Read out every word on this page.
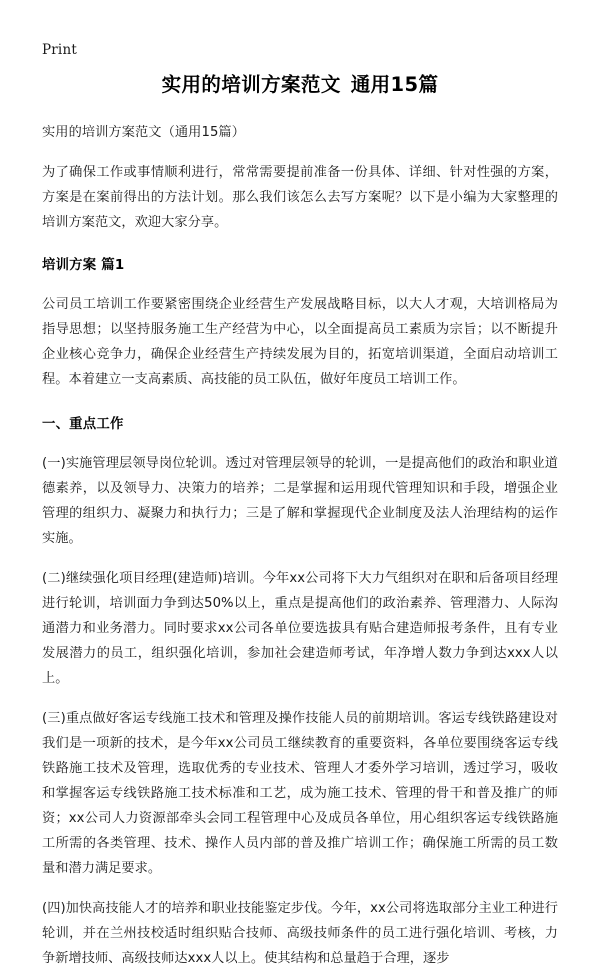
Print
实用的培训方案范文 通用15篇
实用的培训方案范文（通用15篇）
为了确保工作或事情顺利进行，常常需要提前准备一份具体、详细、针对性强的方案，方案是在案前得出的方法计划。那么我们该怎么去写方案呢？以下是小编为大家整理的培训方案范文，欢迎大家分享。
培训方案 篇1
公司员工培训工作要紧密围绕企业经营生产发展战略目标，以大人才观，大培训格局为指导思想；以坚持服务施工生产经营为中心，以全面提高员工素质为宗旨；以不断提升企业核心竞争力，确保企业经营生产持续发展为目的，拓宽培训渠道，全面启动培训工程。本着建立一支高素质、高技能的员工队伍，做好年度员工培训工作。
一、重点工作
(一)实施管理层领导岗位轮训。透过对管理层领导的轮训，一是提高他们的政治和职业道德素养，以及领导力、决策力的培养；二是掌握和运用现代管理知识和手段，增强企业管理的组织力、凝聚力和执行力；三是了解和掌握现代企业制度及法人治理结构的运作实施。
(二)继续强化项目经理(建造师)培训。今年xx公司将下大力气组织对在职和后备项目经理进行轮训，培训面力争到达50%以上，重点是提高他们的政治素养、管理潜力、人际沟通潜力和业务潜力。同时要求xx公司各单位要选拔具有贴合建造师报考条件，且有专业发展潜力的员工，组织强化培训，参加社会建造师考试，年净增人数力争到达xxx人以上。
(三)重点做好客运专线施工技术和管理及操作技能人员的前期培训。客运专线铁路建设对我们是一项新的技术，是今年xx公司员工继续教育的重要资料，各单位要围绕客运专线铁路施工技术及管理，选取优秀的专业技术、管理人才委外学习培训，透过学习，吸收和掌握客运专线铁路施工技术标准和工艺，成为施工技术、管理的骨干和普及推广的师资；xx公司人力资源部牵头会同工程管理中心及成员各单位，用心组织客运专线铁路施工所需的各类管理、技术、操作人员内部的普及推广培训工作；确保施工所需的员工数量和潜力满足要求。
(四)加快高技能人才的培养和职业技能鉴定步伐。今年，xx公司将选取部分主业工种进行轮训，并在兰州技校适时组织贴合技师、高级技师条件的员工进行强化培训、考核，力争新增技师、高级技师达xxx人以上。使其结构和总量趋于合理，逐步
